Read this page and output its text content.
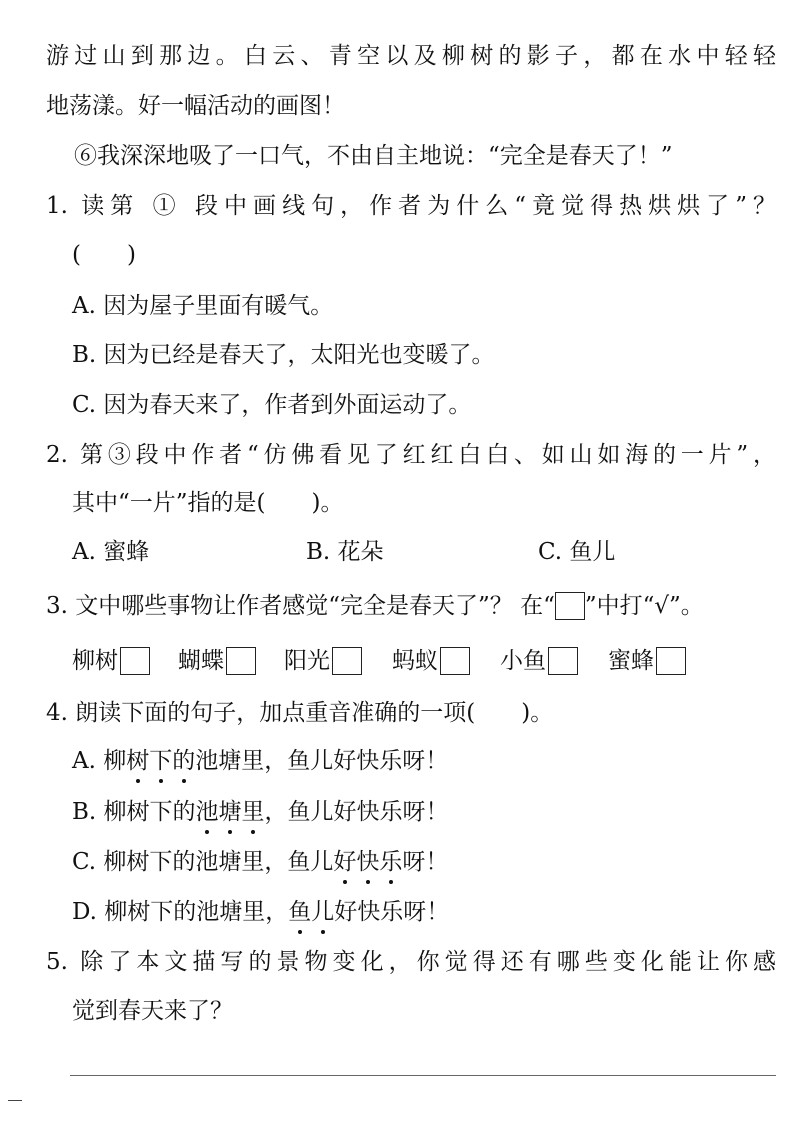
游过山到那边。白云、青空以及柳树的影子，都在水中轻轻
地荡漾。好一幅活动的画图！
⑥我深深地吸了一口气，不由自主地说：“完全是春天了！”
1. 读第 ① 段中画线句，作者为什么“竟觉得热烘烘了”？
(　　)
A. 因为屋子里面有暖气。
B. 因为已经是春天了，太阳光也变暖了。
C. 因为春天来了，作者到外面运动了。
2. 第③段中作者“仿佛看见了红红白白、如山如海的一片”，
其中“一片”指的是(　　)。
A. 蜜蜂	B. 花朵	C. 鱼儿
3. 文中哪些事物让作者感觉“完全是春天了”？ 在“ ”中打“√”。
柳树	蝴蝶	阳光	蚂蚁	小鱼	蜜蜂
4. 朗读下面的句子，加点重音准确的一项(　　)。
A. 柳树下的池塘里，鱼儿好快乐呀！
B. 柳树下的池塘里，鱼儿好快乐呀！
C. 柳树下的池塘里，鱼儿好快乐呀！
D. 柳树下的池塘里，鱼儿好快乐呀！
5. 除了本文描写的景物变化，你觉得还有哪些变化能让你感
觉到春天来了？
